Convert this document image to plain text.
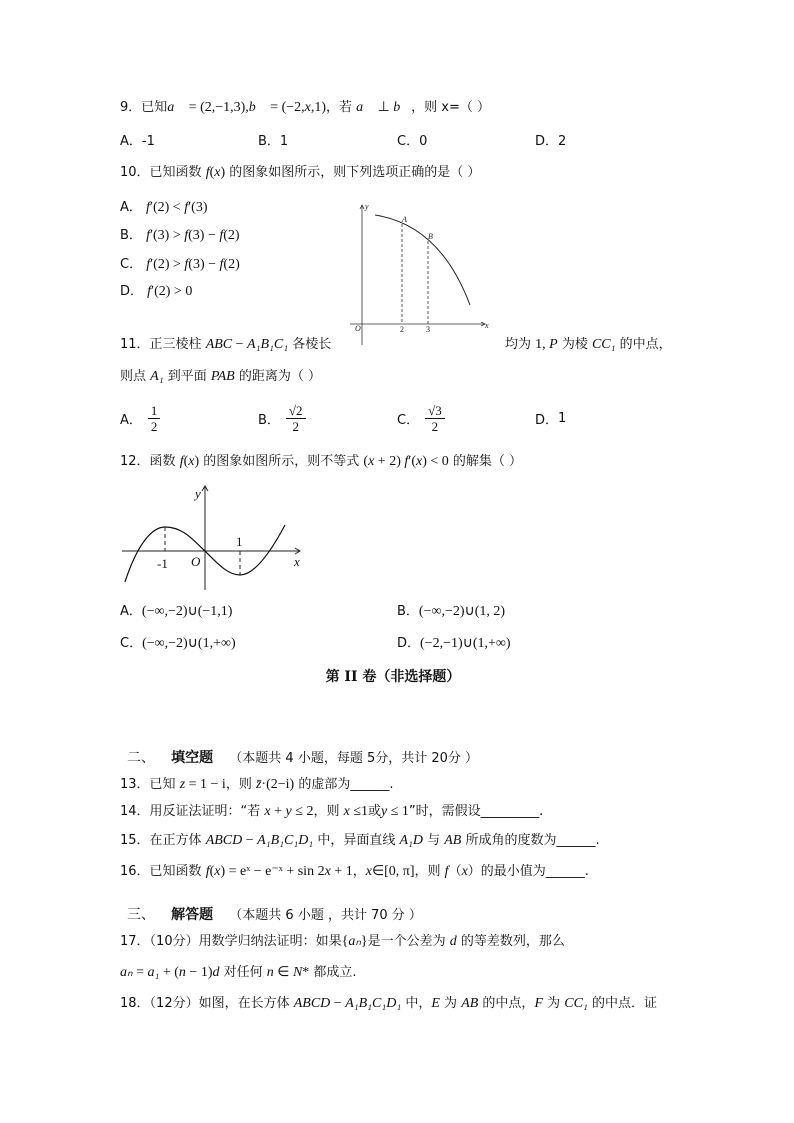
9．已知a⃗ = (2,−1,3),b⃗ = (−2,x,1)，若 a⃗ ⊥ b⃗，则 x=（ ）
A．-1	B．1	C．0	D．2
10．已知函数 f(x) 的图象如图所示，则下列选项正确的是（ ）
A． f′(2) < f′(3)
B． f′(3) > f(3) − f(2)
C． f′(2) > f(3) − f(2)
D． f′(2) > 0
y
x
O
A
B
2	3
11．正三棱柱 ABC − A₁B₁C₁ 各棱长	均为 1, P 为棱 CC₁ 的中点，
则点 A₁ 到平面 PAB 的距离为（ ）
A． $\frac{1}{2}$	B． $\frac{√2}{2}$	C． $\frac{√3}{2}$	D． 1
12．函数 f(x) 的图象如图所示，则不等式 (x + 2) f′(x) < 0 的解集（ ）
y
x
O
-1
1
A．(−∞,−2)∪(−1,1)	B．(−∞,−2)∪(1, 2)
C．(−∞,−2)∪(1,+∞)	D．(−2,−1)∪(1,+∞)
第 II 卷（非选择题）
二、 填空题 （本题共 4 小题，每题 5分，共计 20分 ）
13．已知 z = 1 − i，则 z̄·(2−i) 的虚部为______.
14．用反证法证明：“若 x + y ≤ 2，则 x ≤1或y ≤ 1”时，需假设_________.
15．在正方体 ABCD − A₁B₁C₁D₁ 中，异面直线 A₁D 与 AB 所成角的度数为______.
16．已知函数 f(x) = eˣ − e⁻ˣ + sin 2x + 1，x∈[0, π]，则 f（x）的最小值为______.
三、 解答题 （本题共 6 小题 ，共计 70 分 ）
17．（10分）用数学归纳法证明：如果{aₙ}是一个公差为 d 的等差数列，那么
aₙ = a₁ + (n − 1)d 对任何 n ∈ N* 都成立.
18．（12分）如图，在长方体 ABCD − A₁B₁C₁D₁ 中，E 为 AB 的中点，F 为 CC₁ 的中点．证
